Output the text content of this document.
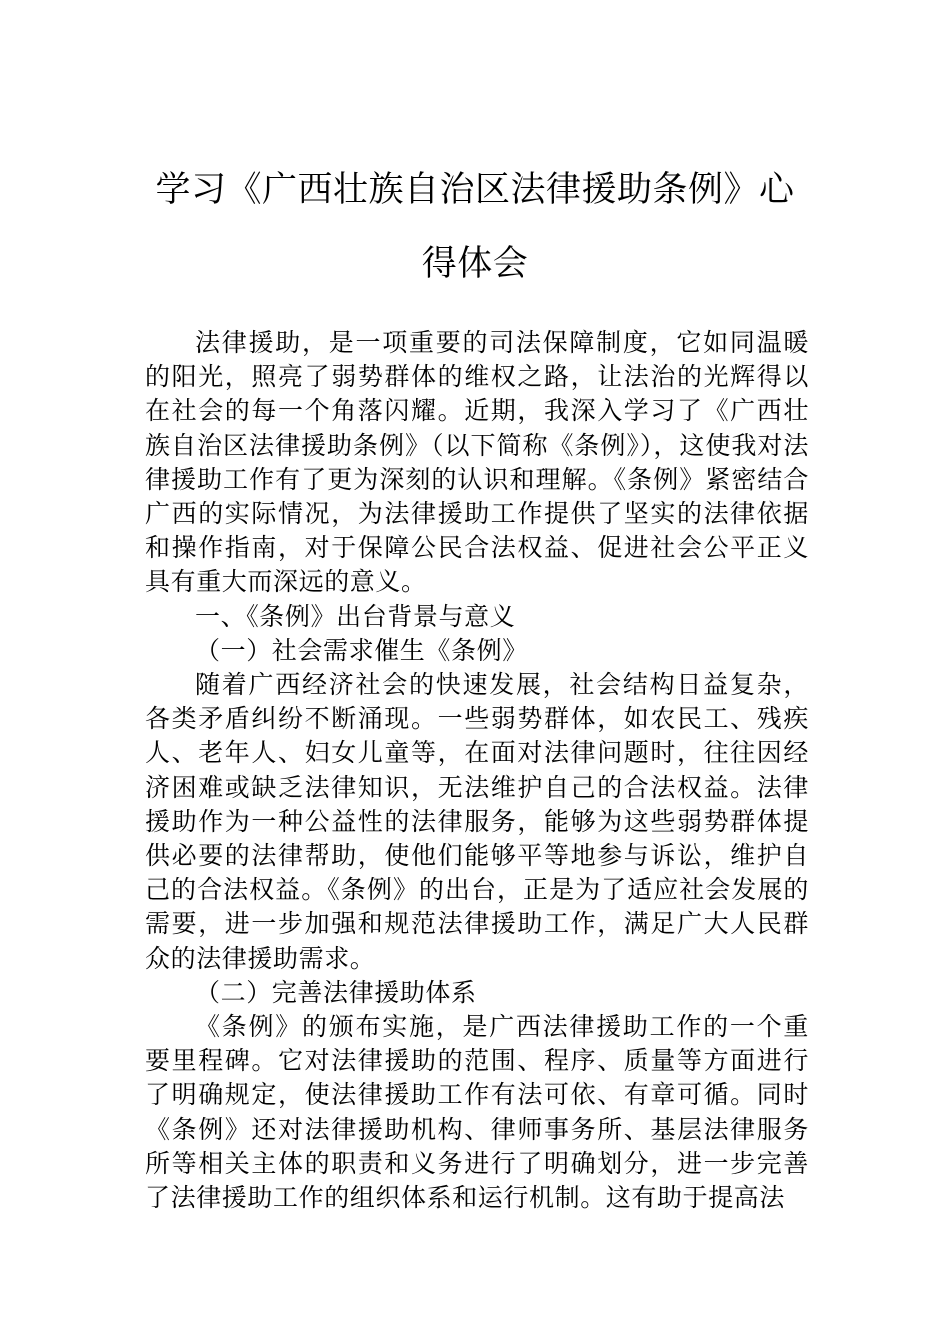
学习《广西壮族自治区法律援助条例》心
得体会

法律援助，是一项重要的司法保障制度，它如同温暖的阳光，照亮了弱势群体的维权之路，让法治的光辉得以在社会的每一个角落闪耀。近期，我深入学习了《广西壮族自治区法律援助条例》（以下简称《条例》），这使我对法律援助工作有了更为深刻的认识和理解。《条例》紧密结合广西的实际情况，为法律援助工作提供了坚实的法律依据和操作指南，对于保障公民合法权益、促进社会公平正义具有重大而深远的意义。

一、《条例》出台背景与意义

（一）社会需求催生《条例》

随着广西经济社会的快速发展，社会结构日益复杂，各类矛盾纠纷不断涌现。一些弱势群体，如农民工、残疾人、老年人、妇女儿童等，在面对法律问题时，往往因经济困难或缺乏法律知识，无法维护自己的合法权益。法律援助作为一种公益性的法律服务，能够为这些弱势群体提供必要的法律帮助，使他们能够平等地参与诉讼，维护自己的合法权益。《条例》的出台，正是为了适应社会发展的需要，进一步加强和规范法律援助工作，满足广大人民群众的法律援助需求。

（二）完善法律援助体系

《条例》的颁布实施，是广西法律援助工作的一个重要里程碑。它对法律援助的范围、程序、质量等方面进行了明确规定，使法律援助工作有法可依、有章可循。同时《条例》还对法律援助机构、律师事务所、基层法律服务所等相关主体的职责和义务进行了明确划分，进一步完善了法律援助工作的组织体系和运行机制。这有助于提高法
